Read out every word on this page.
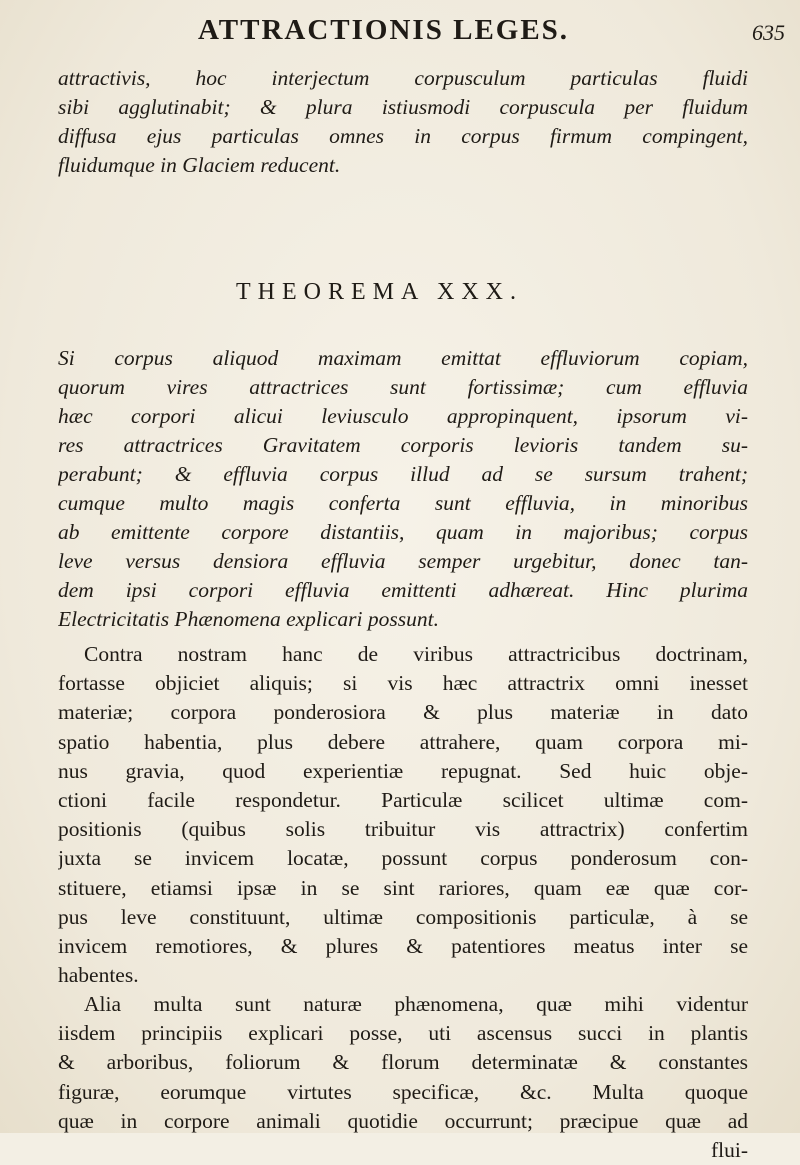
ATTRACTIONIS LEGES.	635
attractivis, hoc interjectum corpusculum particulas fluidi
sibi agglutinabit; & plura istiusmodi corpuscula per fluidum
diffusa ejus particulas omnes in corpus firmum compingent,
fluidumque in Glaciem reducent.
THEOREMA XXX.
Si corpus aliquod maximam emittat effluviorum copiam,
quorum vires attractrices sunt fortissimæ; cum effluvia
hæc corpori alicui leviusculo appropinquent, ipsorum vi-
res attractrices Gravitatem corporis levioris tandem su-
perabunt; & effluvia corpus illud ad se sursum trahent;
cumque multo magis conferta sunt effluvia, in minoribus
ab emittente corpore distantiis, quam in majoribus; corpus
leve versus densiora effluvia semper urgebitur, donec tan-
dem ipsi corpori effluvia emittenti adhæreat. Hinc plurima
Electricitatis Phænomena explicari possunt.
Contra nostram hanc de viribus attractricibus doctrinam,
fortasse objiciet aliquis; si vis hæc attractrix omni inesset
materiæ; corpora ponderosiora & plus materiæ in dato
spatio habentia, plus debere attrahere, quam corpora mi-
nus gravia, quod experientiæ repugnat. Sed huic obje-
ctioni facile respondetur. Particulæ scilicet ultimæ com-
positionis (quibus solis tribuitur vis attractrix) confertim
juxta se invicem locatæ, possunt corpus ponderosum con-
stituere, etiamsi ipsæ in se sint rariores, quam eæ quæ cor-
pus leve constituunt, ultimæ compositionis particulæ, à se
invicem remotiores, & plures & patentiores meatus inter se
habentes.
Alia multa sunt naturæ phænomena, quæ mihi videntur
iisdem principiis explicari posse, uti ascensus succi in plantis
& arboribus, foliorum & florum determinatæ & constantes
figuræ, eorumque virtutes specificæ, &c. Multa quoque
quæ in corpore animali quotidie occurrunt; præcipue quæ ad
flui-
